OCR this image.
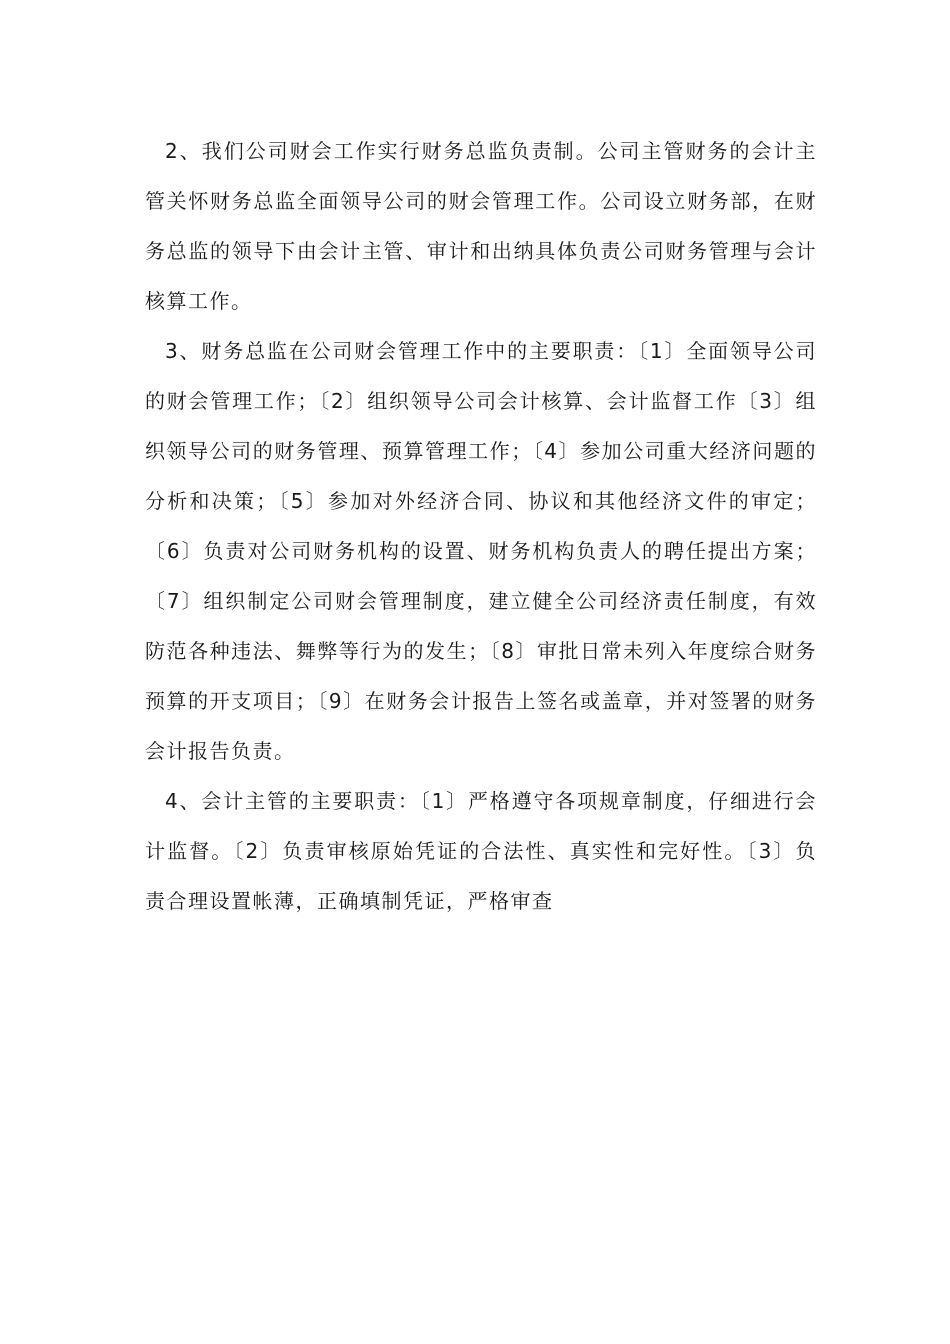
2、我们公司财会工作实行财务总监负责制。公司主管财务的会计主管关怀财务总监全面领导公司的财会管理工作。公司设立财务部，在财务总监的领导下由会计主管、审计和出纳具体负责公司财务管理与会计核算工作。

3、财务总监在公司财会管理工作中的主要职责：〔1〕全面领导公司的财会管理工作；〔2〕组织领导公司会计核算、会计监督工作〔3〕组织领导公司的财务管理、预算管理工作；〔4〕参加公司重大经济问题的分析和决策；〔5〕参加对外经济合同、协议和其他经济文件的审定；〔6〕负责对公司财务机构的设置、财务机构负责人的聘任提出方案；〔7〕组织制定公司财会管理制度，建立健全公司经济责任制度，有效防范各种违法、舞弊等行为的发生；〔8〕审批日常未列入年度综合财务预算的开支项目；〔9〕在财务会计报告上签名或盖章，并对签署的财务会计报告负责。

4、会计主管的主要职责：〔1〕严格遵守各项规章制度，仔细进行会计监督。〔2〕负责审核原始凭证的合法性、真实性和完好性。〔3〕负责合理设置帐薄，正确填制凭证，严格审查
